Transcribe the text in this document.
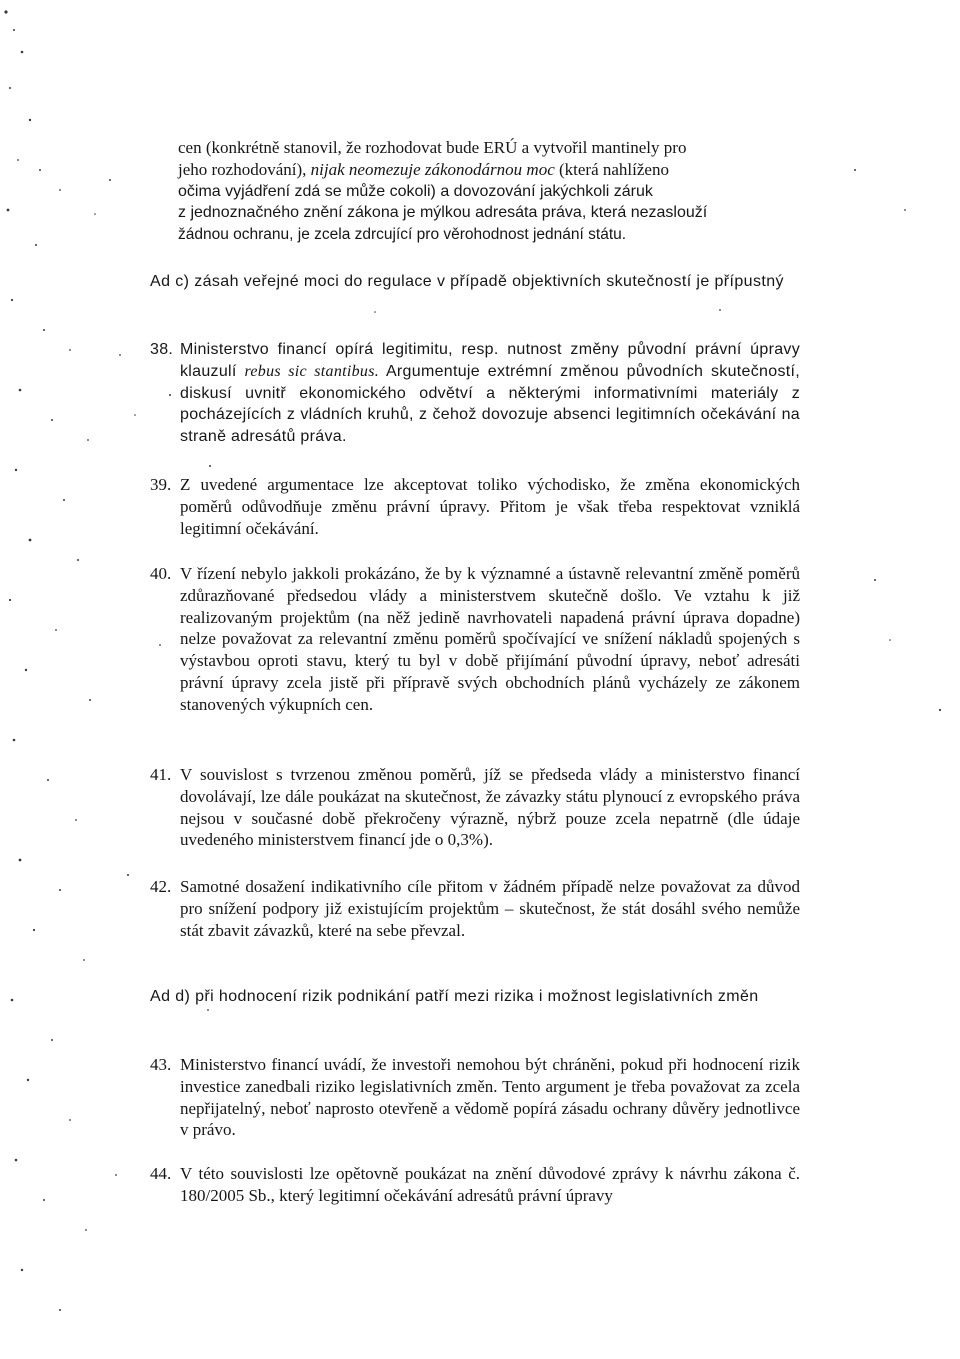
cen (konkrétně stanovil, že rozhodovat bude ERÚ a vytvořil mantinely pro
jeho rozhodování), nijak neomezuje zákonodárnou moc (která nahlíženo
očima vyjádření zdá se může cokoli) a dovozování jakýchkoli záruk
z jednoznačného znění zákona je mýlkou adresáta práva, která nezaslouží
žádnou ochranu, je zcela zdrcující pro věrohodnost jednání státu.

Ad c) zásah veřejné moci do regulace v případě objektivních skutečností je přípustný

38. Ministerstvo financí opírá legitimitu, resp. nutnost změny původní právní úpravy klauzulí rebus sic stantibus. Argumentuje extrémní změnou původních skutečností, diskusí uvnitř ekonomického odvětví a některými informativními materiály z pocházejících z vládních kruhů, z čehož dovozuje absenci legitimních očekávání na straně adresátů práva.

39. Z uvedené argumentace lze akceptovat toliko východisko, že změna ekonomických poměrů odůvodňuje změnu právní úpravy. Přitom je však třeba respektovat vzniklá legitimní očekávání.

40. V řízení nebylo jakkoli prokázáno, že by k významné a ústavně relevantní změně poměrů zdůrazňované předsedou vlády a ministerstvem skutečně došlo. Ve vztahu k již realizovaným projektům (na něž jedině navrhovateli napadená právní úprava dopadne) nelze považovat za relevantní změnu poměrů spočívající ve snížení nákladů spojených s výstavbou oproti stavu, který tu byl v době přijímání původní úpravy, neboť adresáti právní úpravy zcela jistě při přípravě svých obchodních plánů vycházely ze zákonem stanovených výkupních cen.

41. V souvislost s tvrzenou změnou poměrů, jíž se předseda vlády a ministerstvo financí dovolávají, lze dále poukázat na skutečnost, že závazky státu plynoucí z evropského práva nejsou v současné době překročeny výrazně, nýbrž pouze zcela nepatrně (dle údaje uvedeného ministerstvem financí jde o 0,3%).

42. Samotné dosažení indikativního cíle přitom v žádném případě nelze považovat za důvod pro snížení podpory již existujícím projektům – skutečnost, že stát dosáhl svého nemůže stát zbavit závazků, které na sebe převzal.

Ad d) při hodnocení rizik podnikání patří mezi rizika i možnost legislativních změn

43. Ministerstvo financí uvádí, že investoři nemohou být chráněni, pokud při hodnocení rizik investice zanedbali riziko legislativních změn. Tento argument je třeba považovat za zcela nepřijatelný, neboť naprosto otevřeně a vědomě popírá zásadu ochrany důvěry jednotlivce v právo.

44. V této souvislosti lze opětovně poukázat na znění důvodové zprávy k návrhu zákona č. 180/2005 Sb., který legitimní očekávání adresátů právní úpravy
